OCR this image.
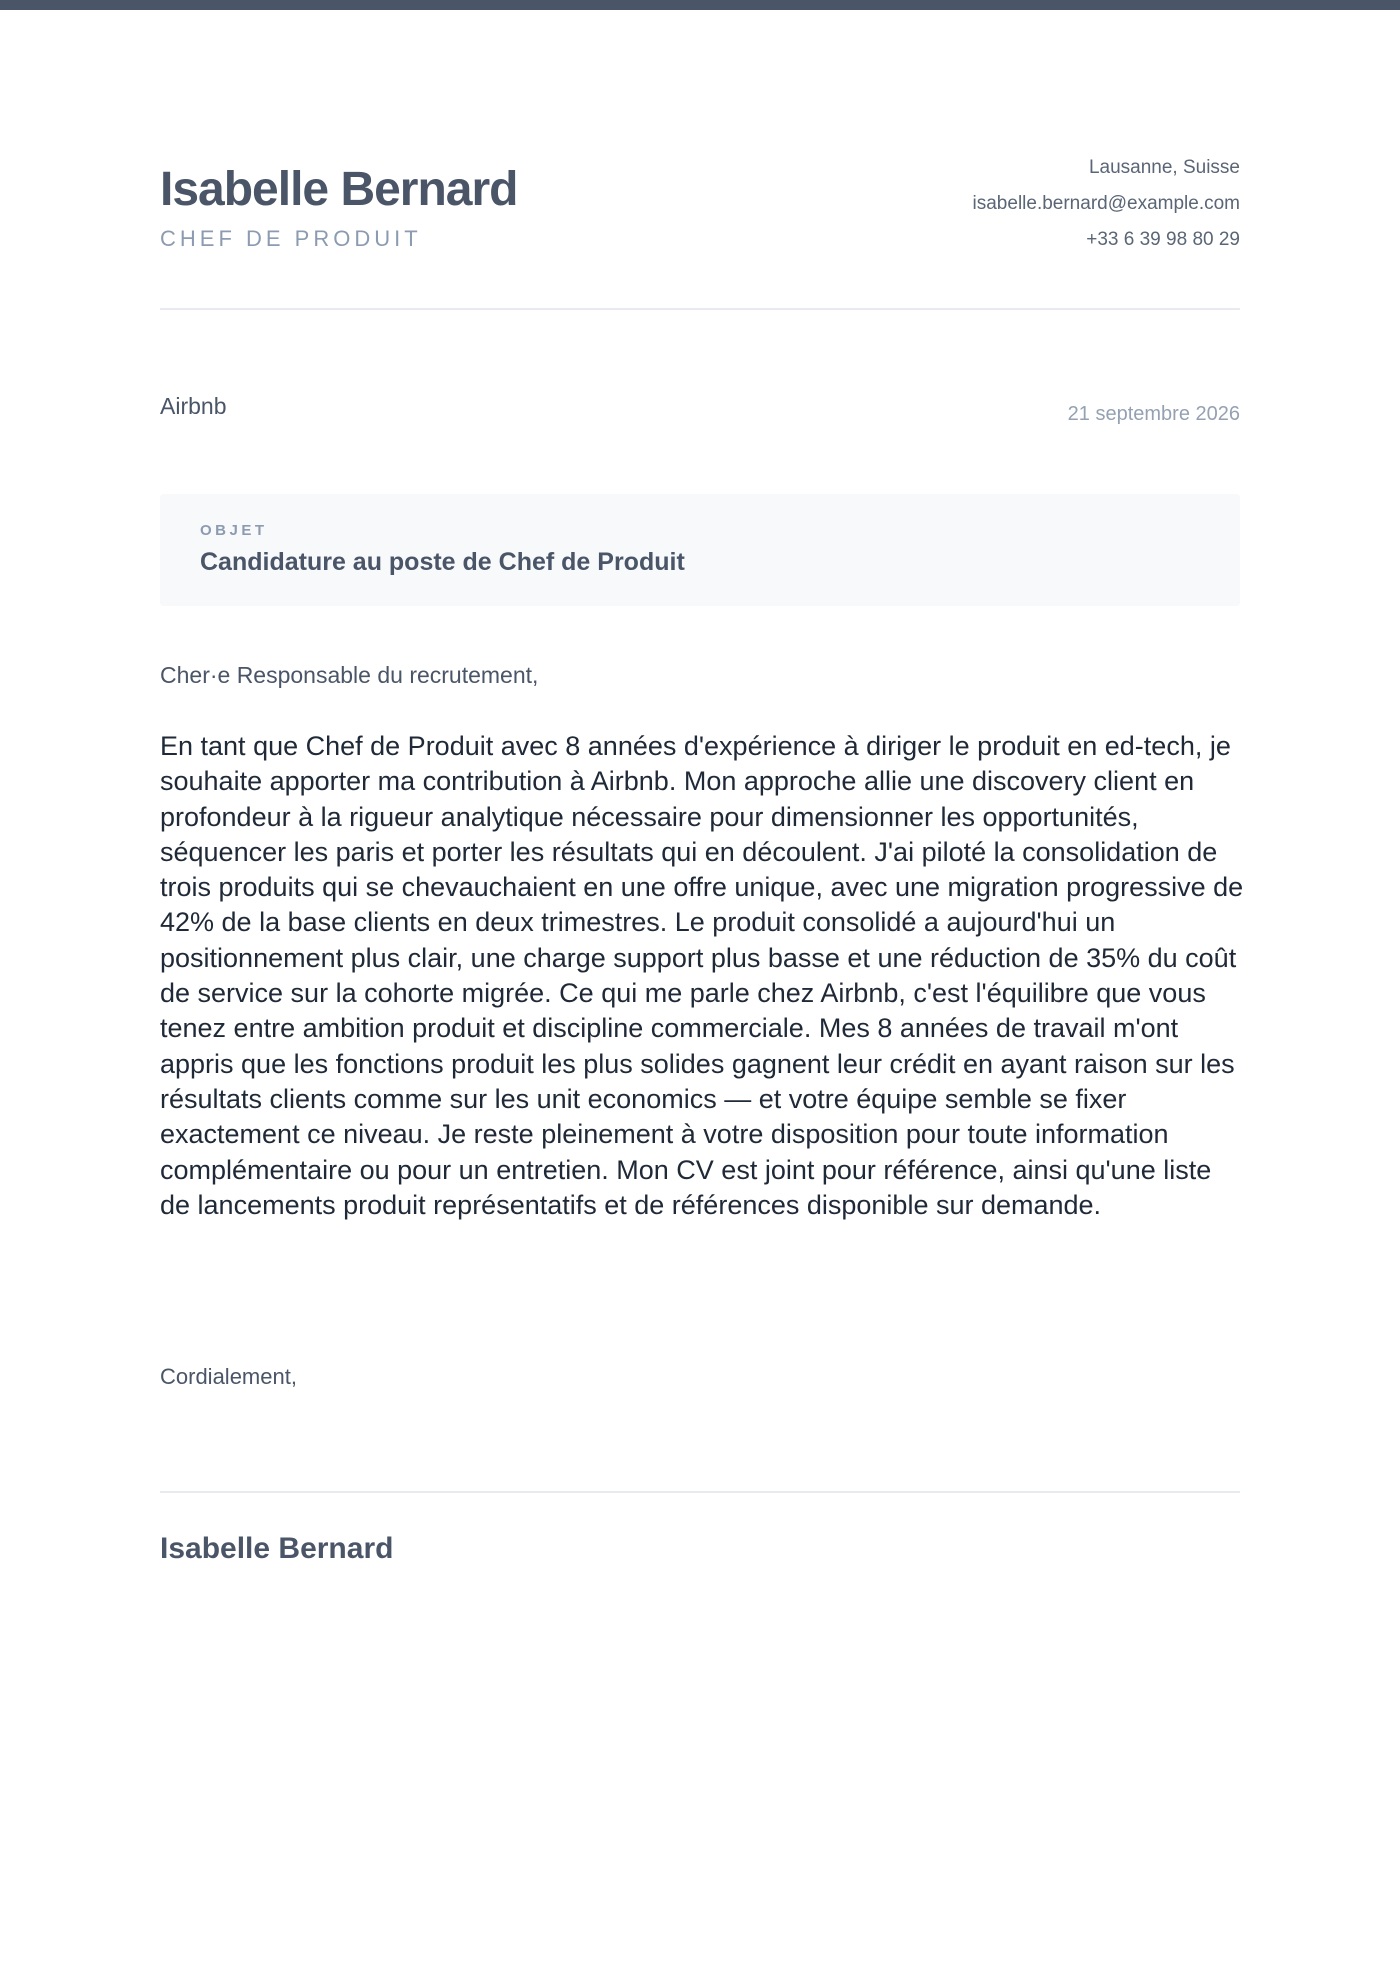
Isabelle Bernard
CHEF DE PRODUIT
Lausanne, Suisse
isabelle.bernard@example.com
+33 6 39 98 80 29
Airbnb	21 septembre 2026
OBJET
Candidature au poste de Chef de Produit
Cher·e Responsable du recrutement,

En tant que Chef de Produit avec 8 années d'expérience à diriger le produit en ed-tech, je souhaite apporter ma contribution à Airbnb. Mon approche allie une discovery client en profondeur à la rigueur analytique nécessaire pour dimensionner les opportunités, séquencer les paris et porter les résultats qui en découlent. J'ai piloté la consolidation de trois produits qui se chevauchaient en une offre unique, avec une migration progressive de 42% de la base clients en deux trimestres. Le produit consolidé a aujourd'hui un positionnement plus clair, une charge support plus basse et une réduction de 35% du coût de service sur la cohorte migrée. Ce qui me parle chez Airbnb, c'est l'équilibre que vous tenez entre ambition produit et discipline commerciale. Mes 8 années de travail m'ont appris que les fonctions produit les plus solides gagnent leur crédit en ayant raison sur les résultats clients comme sur les unit economics — et votre équipe semble se fixer exactement ce niveau. Je reste pleinement à votre disposition pour toute information complémentaire ou pour un entretien. Mon CV est joint pour référence, ainsi qu'une liste de lancements produit représentatifs et de références disponible sur demande.

Cordialement,
Isabelle Bernard
